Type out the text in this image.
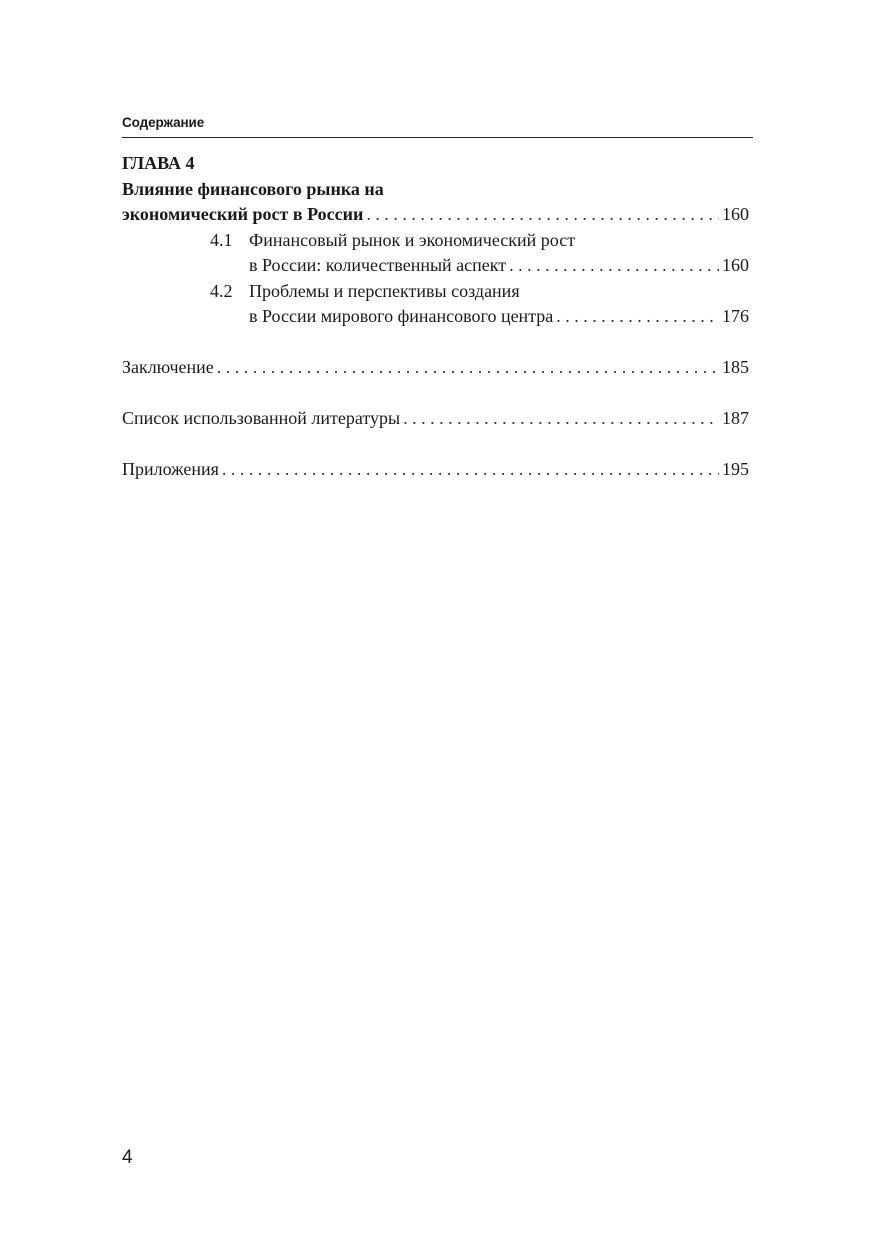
Содержание
ГЛАВА 4
Влияние финансового рынка на
экономический рост в России . . .	160
4.1 Финансовый рынок и экономический рост
в России: количественный аспект . . .	160
4.2 Проблемы и перспективы создания
в России мирового финансового центра . . .	176
Заключение . . .	185
Список использованной литературы . . .	187
Приложения . . .	195
4
